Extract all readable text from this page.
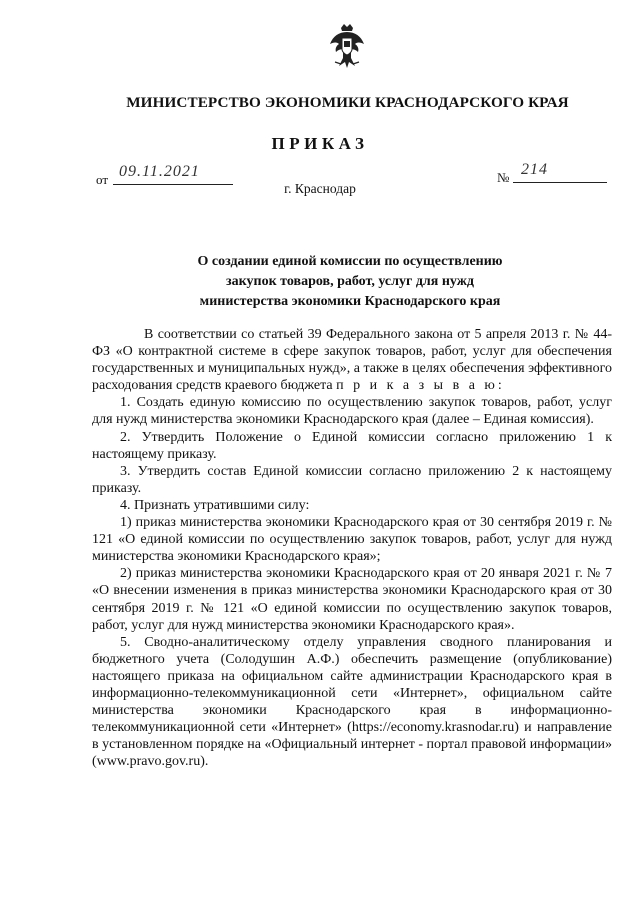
МИНИСТЕРСТВО ЭКОНОМИКИ КРАСНОДАРСКОГО КРАЯ
ПРИКАЗ
от 09.11.2021	№ 214
г. Краснодар
О создании единой комиссии по осуществлению
закупок товаров, работ, услуг для нужд
министерства экономики Краснодарского края

В соответствии со статьей 39 Федерального закона от 5 апреля 2013 г. № 44-ФЗ «О контрактной системе в сфере закупок товаров, работ, услуг для обеспечения государственных и муниципальных нужд», а также в целях обеспечения эффективного расходования средств краевого бюджета п р и к а з ы в а ю:

1. Создать единую комиссию по осуществлению закупок товаров, работ, услуг для нужд министерства экономики Краснодарского края (далее – Единая комиссия).

2. Утвердить Положение о Единой комиссии согласно приложению 1 к настоящему приказу.

3. Утвердить состав Единой комиссии согласно приложению 2 к настоящему приказу.

4. Признать утратившими силу:

1) приказ министерства экономики Краснодарского края от 30 сентября 2019 г. № 121 «О единой комиссии по осуществлению закупок товаров, работ, услуг для нужд министерства экономики Краснодарского края»;

2) приказ министерства экономики Краснодарского края от 20 января 2021 г. № 7 «О внесении изменения в приказ министерства экономики Краснодарского края от 30 сентября 2019 г. № 121 «О единой комиссии по осуществлению закупок товаров, работ, услуг для нужд министерства экономики Краснодарского края».

5. Сводно-аналитическому отделу управления сводного планирования и бюджетного учета (Солодушин А.Ф.) обеспечить размещение (опубликование) настоящего приказа на официальном сайте администрации Краснодарского края в информационно-телекоммуникационной сети «Интернет», официальном сайте министерства экономики Краснодарского края в информационно-телекоммуникационной сети «Интернет» (https://economy.krasnodar.ru) и направление в установленном порядке на «Официальный интернет - портал правовой информации» (www.pravo.gov.ru).
